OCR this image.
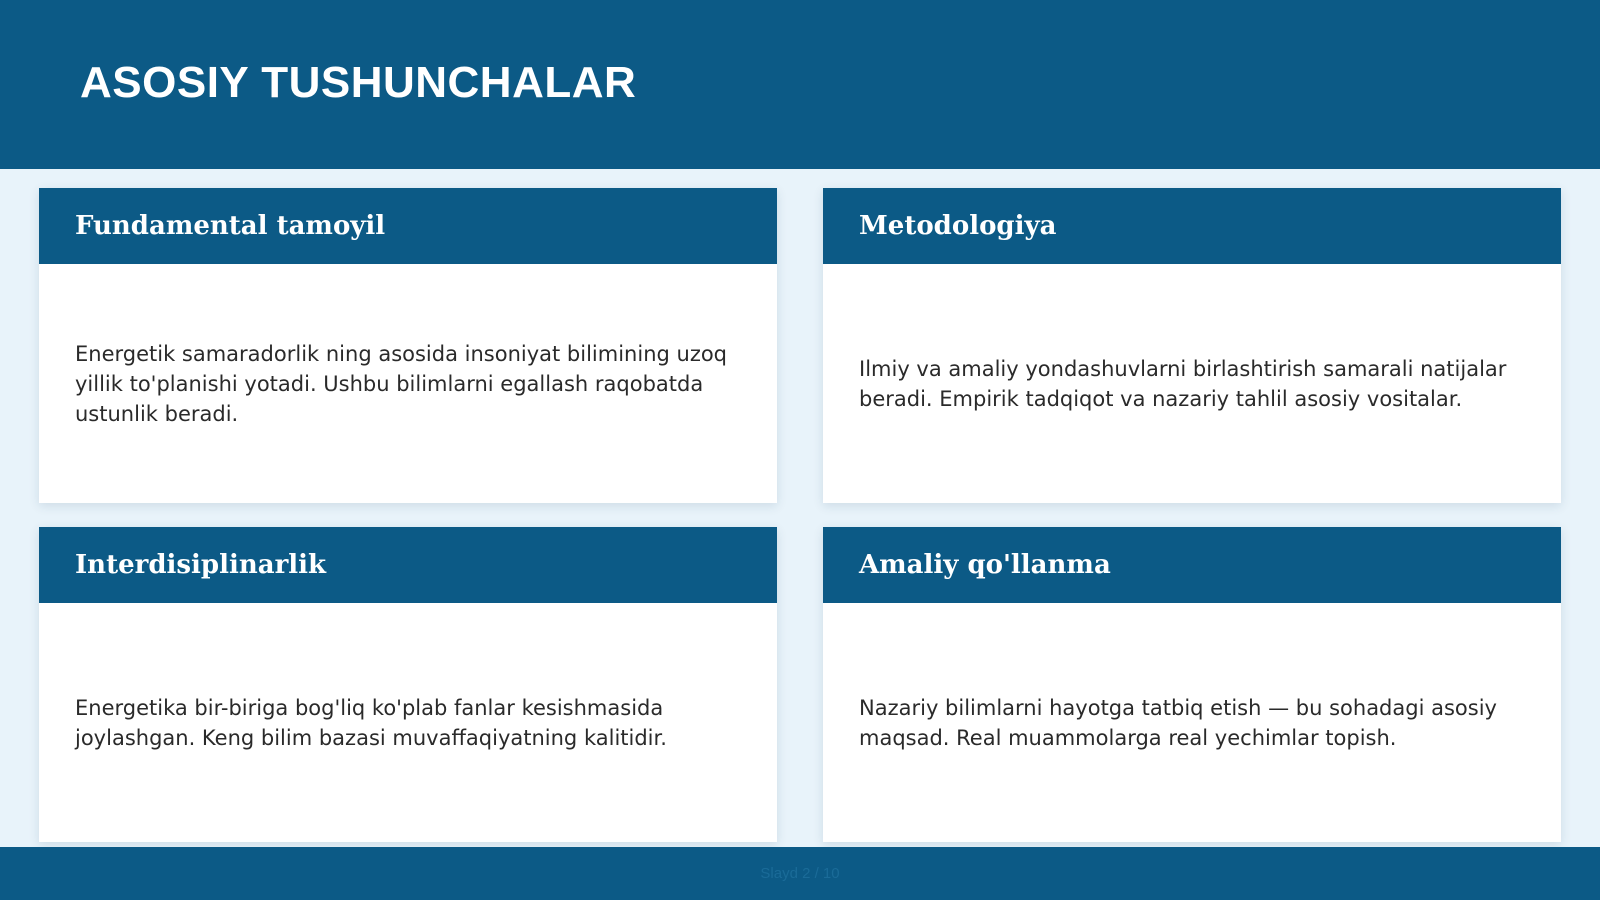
ASOSIY TUSHUNCHALAR
Fundamental tamoyil

Energetik samaradorlik ning asosida insoniyat bilimining uzoq yillik to'planishi yotadi. Ushbu bilimlarni egallash raqobatda ustunlik beradi.

Metodologiya

Ilmiy va amaliy yondashuvlarni birlashtirish samarali natijalar beradi. Empirik tadqiqot va nazariy tahlil asosiy vositalar.

Interdisiplinarlik

Energetika bir-biriga bog'liq ko'plab fanlar kesishmasida joylashgan. Keng bilim bazasi muvaffaqiyatning kalitidir.

Amaliy qo'llanma

Nazariy bilimlarni hayotga tatbiq etish — bu sohadagi asosiy maqsad. Real muammolarga real yechimlar topish.

Slayd 2 / 10
